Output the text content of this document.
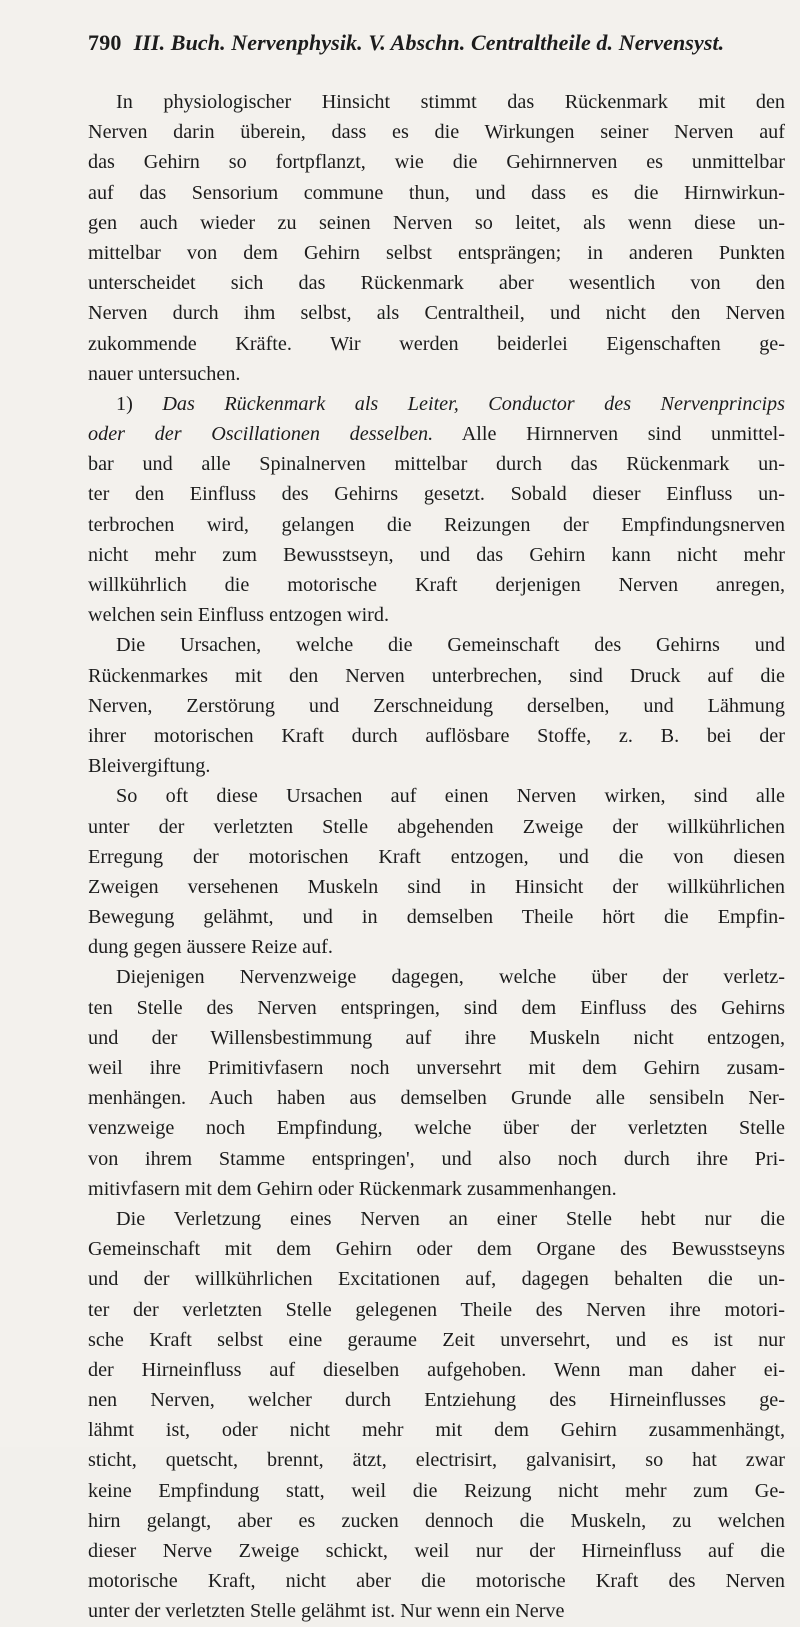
790 III. Buch. Nervenphysik. V. Abschn. Centraltheile d. Nervensyst.
In physiologischer Hinsicht stimmt das Rückenmark mit den
Nerven darin überein, dass es die Wirkungen seiner Nerven auf
das Gehirn so fortpflanzt, wie die Gehirnnerven es unmittelbar
auf das Sensorium commune thun, und dass es die Hirnwirkun-
gen auch wieder zu seinen Nerven so leitet, als wenn diese un-
mittelbar von dem Gehirn selbst entsprängen; in anderen Punkten
unterscheidet sich das Rückenmark aber wesentlich von den
Nerven durch ihm selbst, als Centraltheil, und nicht den Nerven
zukommende Kräfte. Wir werden beiderlei Eigenschaften ge-
nauer untersuchen.
1) Das Rückenmark als Leiter, Conductor des Nervenprincips
oder der Oscillationen desselben. Alle Hirnnerven sind unmittel-
bar und alle Spinalnerven mittelbar durch das Rückenmark un-
ter den Einfluss des Gehirns gesetzt. Sobald dieser Einfluss un-
terbrochen wird, gelangen die Reizungen der Empfindungsnerven
nicht mehr zum Bewusstseyn, und das Gehirn kann nicht mehr
willkührlich die motorische Kraft derjenigen Nerven anregen,
welchen sein Einfluss entzogen wird.
Die Ursachen, welche die Gemeinschaft des Gehirns und
Rückenmarkes mit den Nerven unterbrechen, sind Druck auf die
Nerven, Zerstörung und Zerschneidung derselben, und Lähmung
ihrer motorischen Kraft durch auflösbare Stoffe, z. B. bei der
Bleivergiftung.
So oft diese Ursachen auf einen Nerven wirken, sind alle
unter der verletzten Stelle abgehenden Zweige der willkührlichen
Erregung der motorischen Kraft entzogen, und die von diesen
Zweigen versehenen Muskeln sind in Hinsicht der willkührlichen
Bewegung gelähmt, und in demselben Theile hört die Empfin-
dung gegen äussere Reize auf.
Diejenigen Nervenzweige dagegen, welche über der verletz-
ten Stelle des Nerven entspringen, sind dem Einfluss des Gehirns
und der Willensbestimmung auf ihre Muskeln nicht entzogen,
weil ihre Primitivfasern noch unversehrt mit dem Gehirn zusam-
menhängen. Auch haben aus demselben Grunde alle sensibeln Ner-
venzweige noch Empfindung, welche über der verletzten Stelle
von ihrem Stamme entspringen', und also noch durch ihre Pri-
mitivfasern mit dem Gehirn oder Rückenmark zusammenhangen.
Die Verletzung eines Nerven an einer Stelle hebt nur die
Gemeinschaft mit dem Gehirn oder dem Organe des Bewusstseyns
und der willkührlichen Excitationen auf, dagegen behalten die un-
ter der verletzten Stelle gelegenen Theile des Nerven ihre motori-
sche Kraft selbst eine geraume Zeit unversehrt, und es ist nur
der Hirneinfluss auf dieselben aufgehoben. Wenn man daher ei-
nen Nerven, welcher durch Entziehung des Hirneinflusses ge-
lähmt ist, oder nicht mehr mit dem Gehirn zusammenhängt,
sticht, quetscht, brennt, ätzt, electrisirt, galvanisirt, so hat zwar
keine Empfindung statt, weil die Reizung nicht mehr zum Ge-
hirn gelangt, aber es zucken dennoch die Muskeln, zu welchen
dieser Nerve Zweige schickt, weil nur der Hirneinfluss auf die
motorische Kraft, nicht aber die motorische Kraft des Nerven
unter der verletzten Stelle gelähmt ist. Nur wenn ein Nerve
